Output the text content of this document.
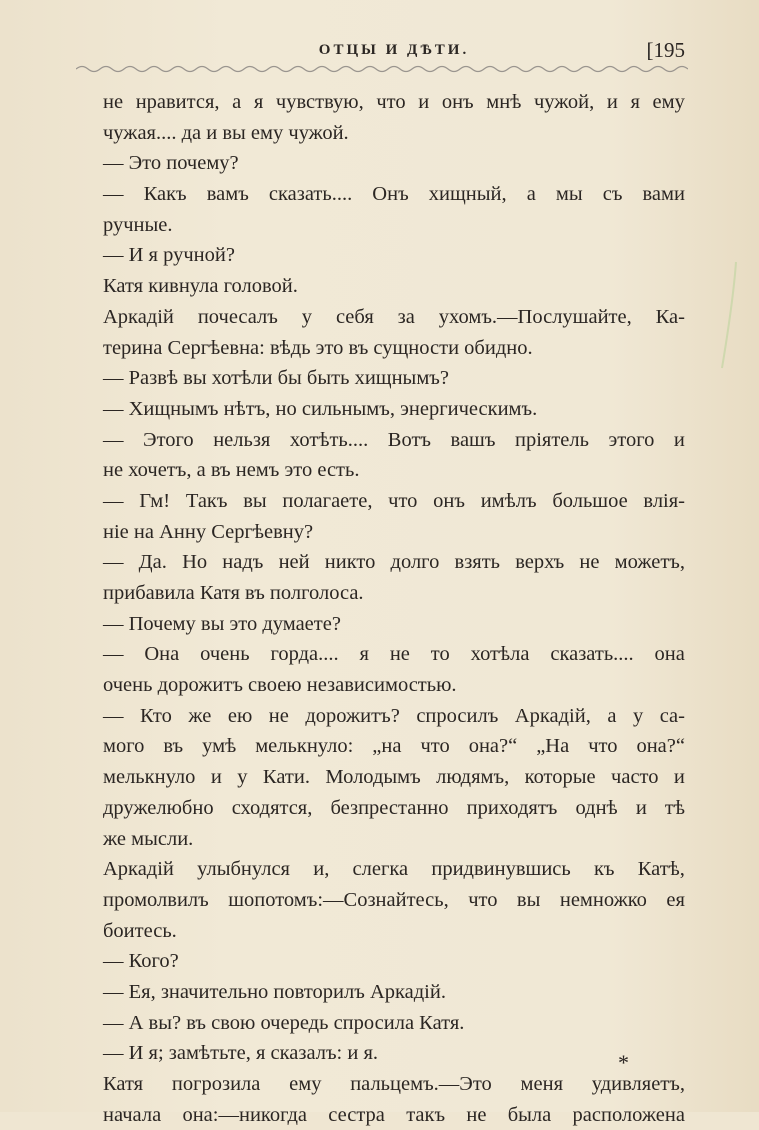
ОТЦЫ И ДѢТИ.	[195
не нравится, а я чувствую, что и онъ мнѣ чужой, и я ему
чужая.... да и вы ему чужой.
— Это почему?
— Какъ вамъ сказать.... Онъ хищный, а мы съ вами
ручные.
— И я ручной?
Катя кивнула головой.
Аркадій почесалъ у себя за ухомъ.—Послушайте, Ка-
терина Сергѣевна: вѣдь это въ сущности обидно.
— Развѣ вы хотѣли бы быть хищнымъ?
— Хищнымъ нѣтъ, но сильнымъ, энергическимъ.
— Этого нельзя хотѣть.... Вотъ вашъ пріятель этого и
не хочетъ, а въ немъ это есть.
— Гм! Такъ вы полагаете, что онъ имѣлъ большое влія-
ніе на Анну Сергѣевну?
— Да. Но надъ ней никто долго взять верхъ не можетъ,
прибавила Катя въ полголоса.
— Почему вы это думаете?
— Она очень горда.... я не то хотѣла сказать.... она
очень дорожитъ своею независимостью.
— Кто же ею не дорожитъ? спросилъ Аркадій, а у са-
мого въ умѣ мелькнуло: „на что она?“ „На что она?“
мелькнуло и у Кати. Молодымъ людямъ, которые часто и
дружелюбно сходятся, безпрестанно приходятъ однѣ и тѣ
же мысли.
Аркадій улыбнулся и, слегка придвинувшись къ Катѣ,
промолвилъ шопотомъ:—Сознайтесь, что вы немножко ея
боитесь.
— Кого?
— Ея, значительно повторилъ Аркадій.
— А вы? въ свою очередь спросила Катя.
— И я; замѣтьте, я сказалъ: и я.
Катя погрозила ему пальцемъ.—Это меня удивляетъ,
начала она:—никогда сестра такъ не была расположена
*
